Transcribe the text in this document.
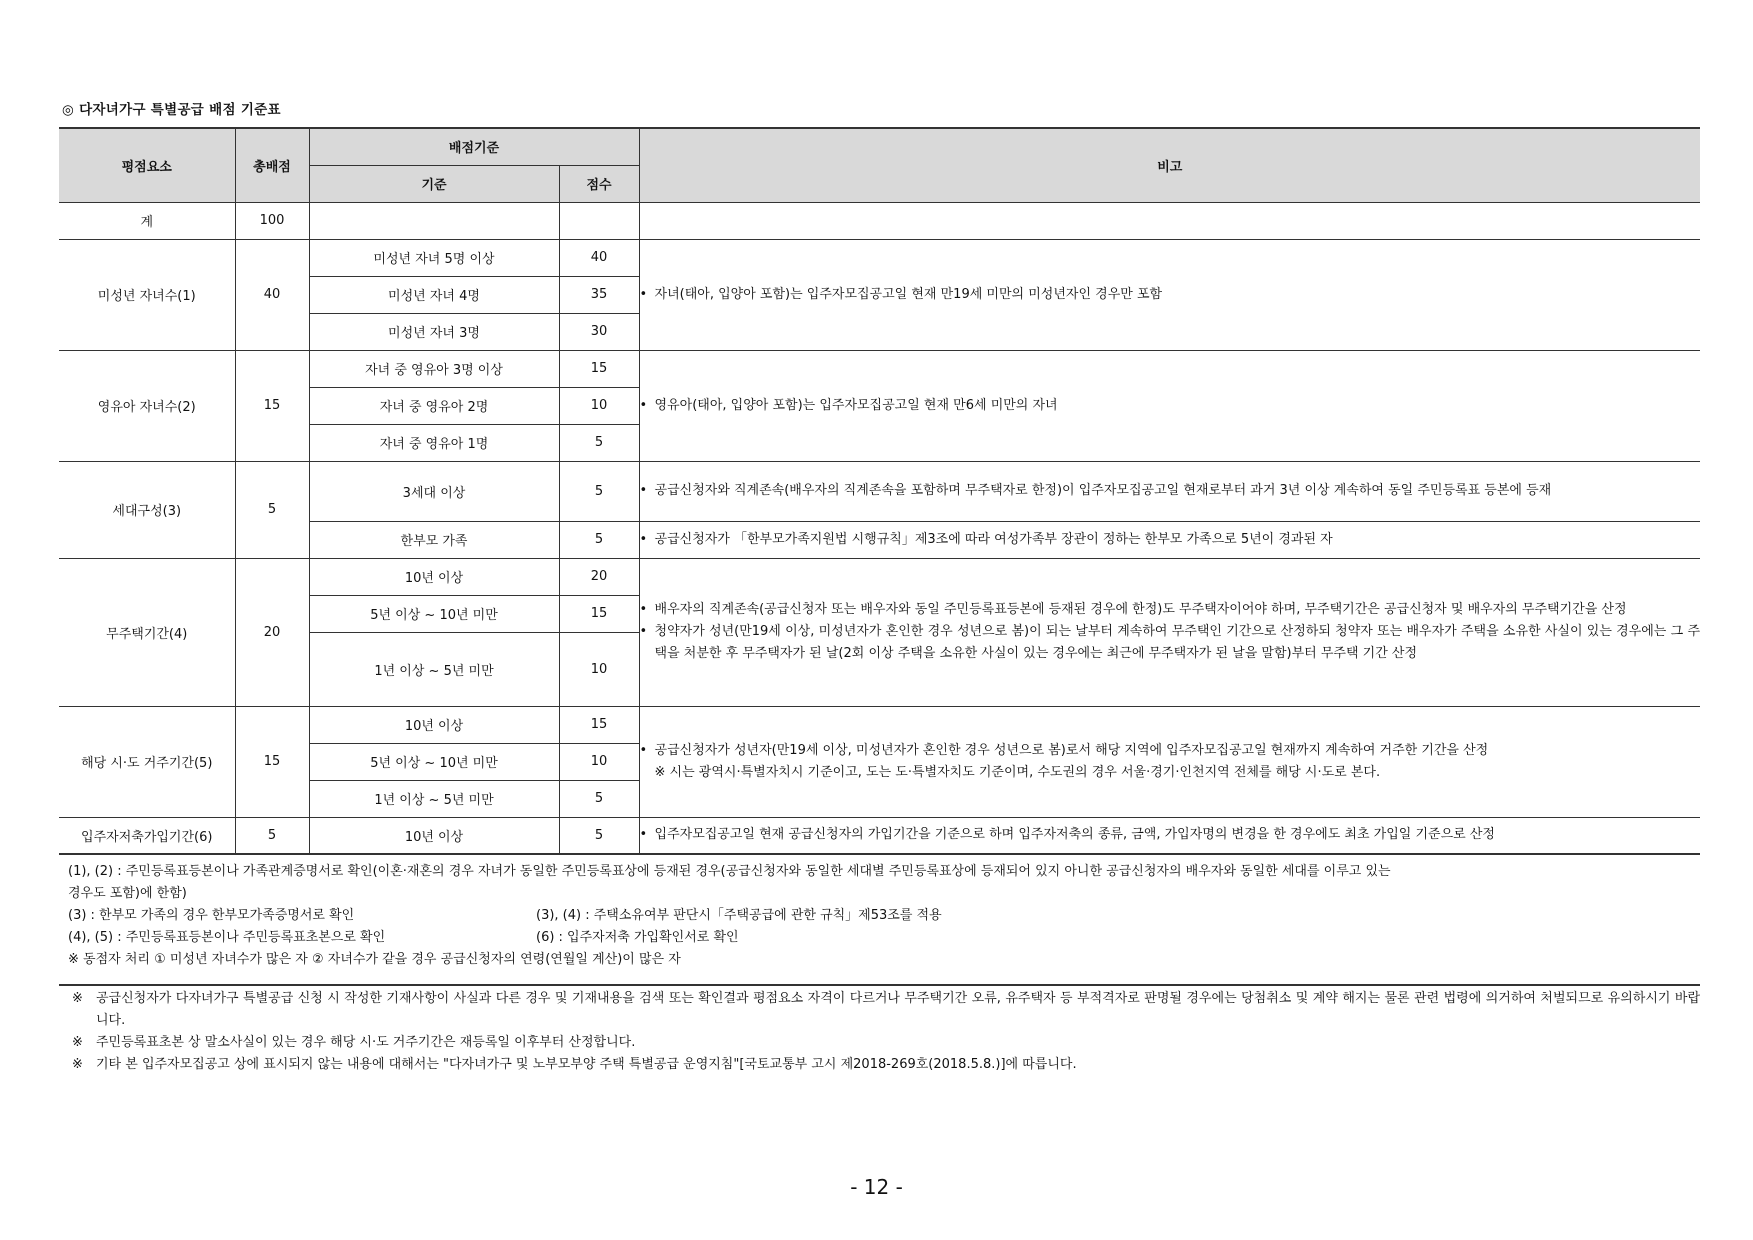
◎ 다자녀가구 특별공급 배점 기준표
평점요소	총배점	배점기준		비고
		기준	점수	
계	100			
미성년 자녀수(1)	40	미성년 자녀 5명 이상	40	• 자녀(태아, 입양아 포함)는 입주자모집공고일 현재 만19세 미만의 미성년자인 경우만 포함

		미성년 자녀 4명	35	
		미성년 자녀 3명	30	
영유아 자녀수(2)	15	자녀 중 영유아 3명 이상	15	• 영유아(태아, 입양아 포함)는 입주자모집공고일 현재 만6세 미만의 자녀

		자녀 중 영유아 2명	10	
		자녀 중 영유아 1명	5	
세대구성(3)	5	3세대 이상	5	• 공급신청자와 직계존속(배우자의 직계존속을 포함하며 무주택자로 한정)이 입주자모집공고일 현재로부터 과거 3년 이상 계속하여 동일 주민등록표 등본에 등재

		한부모 가족	5	• 공급신청자가 「한부모가족지원법 시행규칙」제3조에 따라 여성가족부 장관이 정하는 한부모 가족으로 5년이 경과된 자

무주택기간(4)	20	10년 이상	20	• 배우자의 직계존속(공급신청자 또는 배우자와 동일 주민등록표등본에 등재된 경우에 한정)도 무주택자이어야 하며, 무주택기간은 공급신청자 및 배우자의 무주택기간을 산정
• 청약자가 성년(만19세 이상, 미성년자가 혼인한 경우 성년으로 봄)이 되는 날부터 계속하여 무주택인 기간으로 산정하되 청약자 또는 배우자가 주택을 소유한 사실이 있는 경우에는 그 주택을 처분한 후 무주택자가 된 날(2회 이상 주택을 소유한 사실이 있는 경우에는 최근에 무주택자가 된 날을 말함)부터 무주택 기간 산정

		5년 이상 ~ 10년 미만	15	
		1년 이상 ~ 5년 미만	10	
해당 시·도 거주기간(5)	15	10년 이상	15	• 공급신청자가 성년자(만19세 이상, 미성년자가 혼인한 경우 성년으로 봄)로서 해당 지역에 입주자모집공고일 현재까지 계속하여 거주한 기간을 산정
※ 시는 광역시·특별자치시 기준이고, 도는 도·특별자치도 기준이며, 수도권의 경우 서울·경기·인천지역 전체를 해당 시·도로 본다.

		5년 이상 ~ 10년 미만	10	
		1년 이상 ~ 5년 미만	5	
입주자저축가입기간(6)	5	10년 이상	5	• 입주자모집공고일 현재 공급신청자의 가입기간을 기준으로 하며 입주자저축의 종류, 금액, 가입자명의 변경을 한 경우에도 최초 가입일 기준으로 산정
(1), (2) : 주민등록표등본이나 가족관계증명서로 확인(이혼·재혼의 경우 자녀가 동일한 주민등록표상에 등재된 경우(공급신청자와 동일한 세대별 주민등록표상에 등재되어 있지 아니한 공급신청자의 배우자와 동일한 세대를 이루고 있는
경우도 포함)에 한함)
(3) : 한부모 가족의 경우 한부모가족증명서로 확인	(3), (4) : 주택소유여부 판단시「주택공급에 관한 규칙」제53조를 적용
(4), (5) : 주민등록표등본이나 주민등록표초본으로 확인	(6) : 입주자저축 가입확인서로 확인
※ 동점자 처리 ① 미성년 자녀수가 많은 자 ② 자녀수가 같을 경우 공급신청자의 연령(연월일 계산)이 많은 자
※	공급신청자가 다자녀가구 특별공급 신청 시 작성한 기재사항이 사실과 다른 경우 및 기재내용을 검색 또는 확인결과 평점요소 자격이 다르거나 무주택기간 오류, 유주택자 등 부적격자로 판명될 경우에는 당첨취소 및 계약 해지는 물론 관련 법령에 의거하여 처벌되므로 유의하시기 바랍니다.
※	주민등록표초본 상 말소사실이 있는 경우 해당 시·도 거주기간은 재등록일 이후부터 산정합니다.
※	기타 본 입주자모집공고 상에 표시되지 않는 내용에 대해서는 "다자녀가구 및 노부모부양 주택 특별공급 운영지침"[국토교통부 고시 제2018-269호(2018.5.8.)]에 따릅니다.
- 12 -
